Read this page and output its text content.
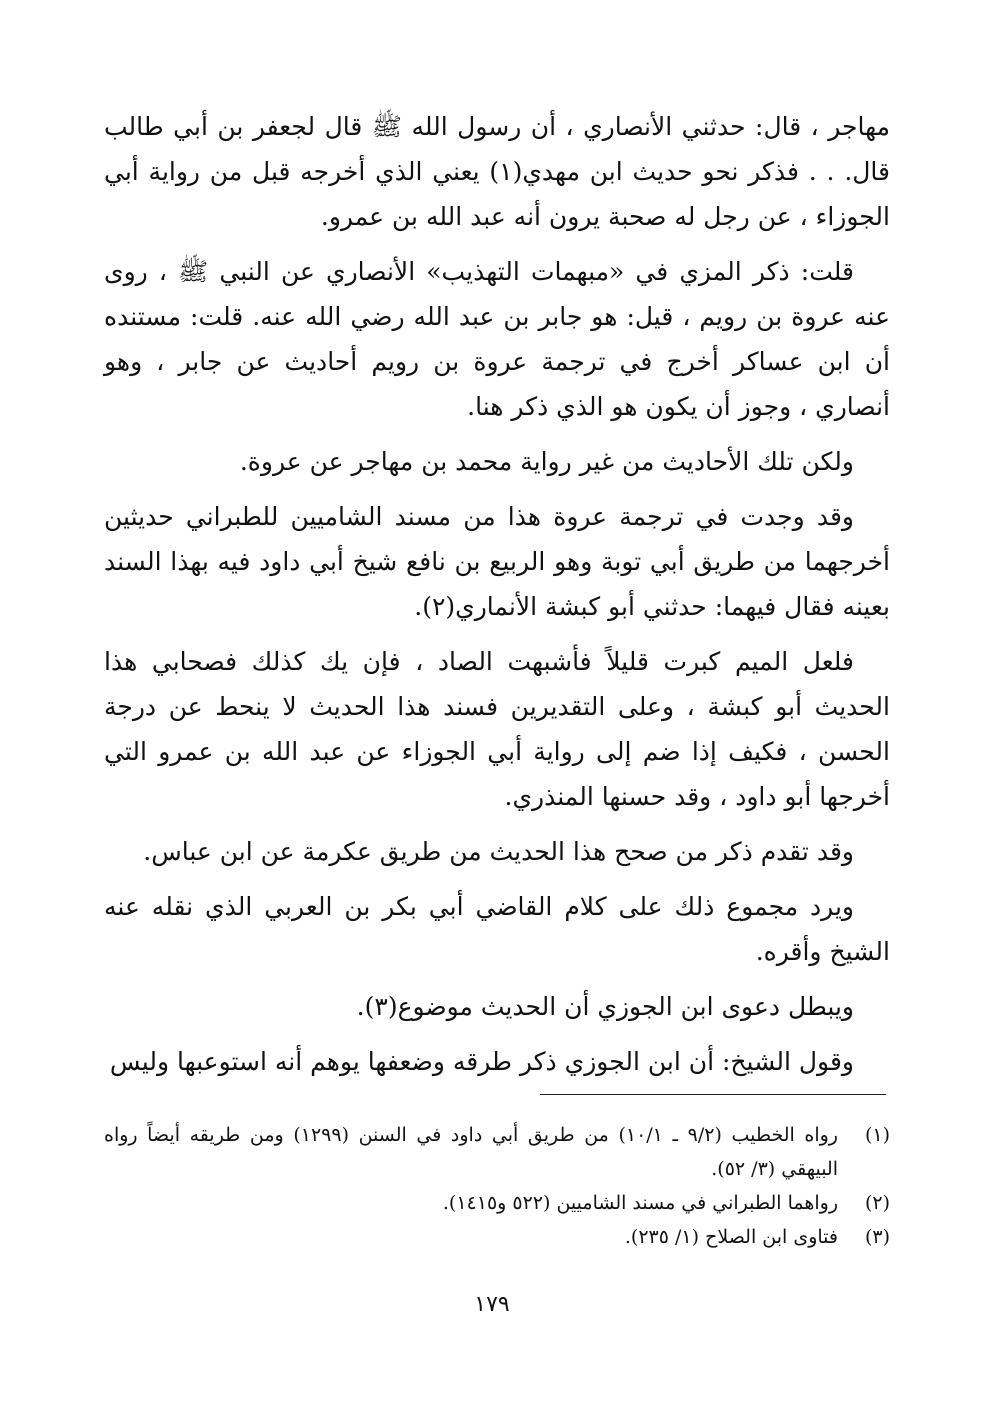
مهاجر ، قال: حدثني الأنصاري ، أن رسول الله ﷺ قال لجعفر بن أبي طالب قال. . . فذكر نحو حديث ابن مهدي(١) يعني الذي أخرجه قبل من رواية أبي الجوزاء ، عن رجل له صحبة يرون أنه عبد الله بن عمرو.

قلت: ذكر المزي في «مبهمات التهذيب» الأنصاري عن النبي ﷺ ، روى عنه عروة بن رويم ، قيل: هو جابر بن عبد الله رضي الله عنه. قلت: مستنده أن ابن عساكر أخرج في ترجمة عروة بن رويم أحاديث عن جابر ، وهو أنصاري ، وجوز أن يكون هو الذي ذكر هنا.

ولكن تلك الأحاديث من غير رواية محمد بن مهاجر عن عروة.

وقد وجدت في ترجمة عروة هذا من مسند الشاميين للطبراني حديثين أخرجهما من طريق أبي توبة وهو الربيع بن نافع شيخ أبي داود فيه بهذا السند بعينه فقال فيهما: حدثني أبو كبشة الأنماري(٢).

فلعل الميم كبرت قليلاً فأشبهت الصاد ، فإن يك كذلك فصحابي هذا الحديث أبو كبشة ، وعلى التقديرين فسند هذا الحديث لا ينحط عن درجة الحسن ، فكيف إذا ضم إلى رواية أبي الجوزاء عن عبد الله بن عمرو التي أخرجها أبو داود ، وقد حسنها المنذري.

وقد تقدم ذكر من صحح هذا الحديث من طريق عكرمة عن ابن عباس.

ويرد مجموع ذلك على كلام القاضي أبي بكر بن العربي الذي نقله عنه الشيخ وأقره.

ويبطل دعوى ابن الجوزي أن الحديث موضوع(٣).

وقول الشيخ: أن ابن الجوزي ذكر طرقه وضعفها يوهم أنه استوعبها وليس

(١)
رواه الخطيب (٩/٢ ـ ١٠/١) من طريق أبي داود في السنن (١٢٩٩) ومن طريقه أيضاً رواه البيهقي (٣/ ٥٢).
(٢)
رواهما الطبراني في مسند الشاميين (٥٢٢ و١٤١٥).
(٣)
فتاوى ابن الصلاح (١/ ٢٣٥).
١٧٩
